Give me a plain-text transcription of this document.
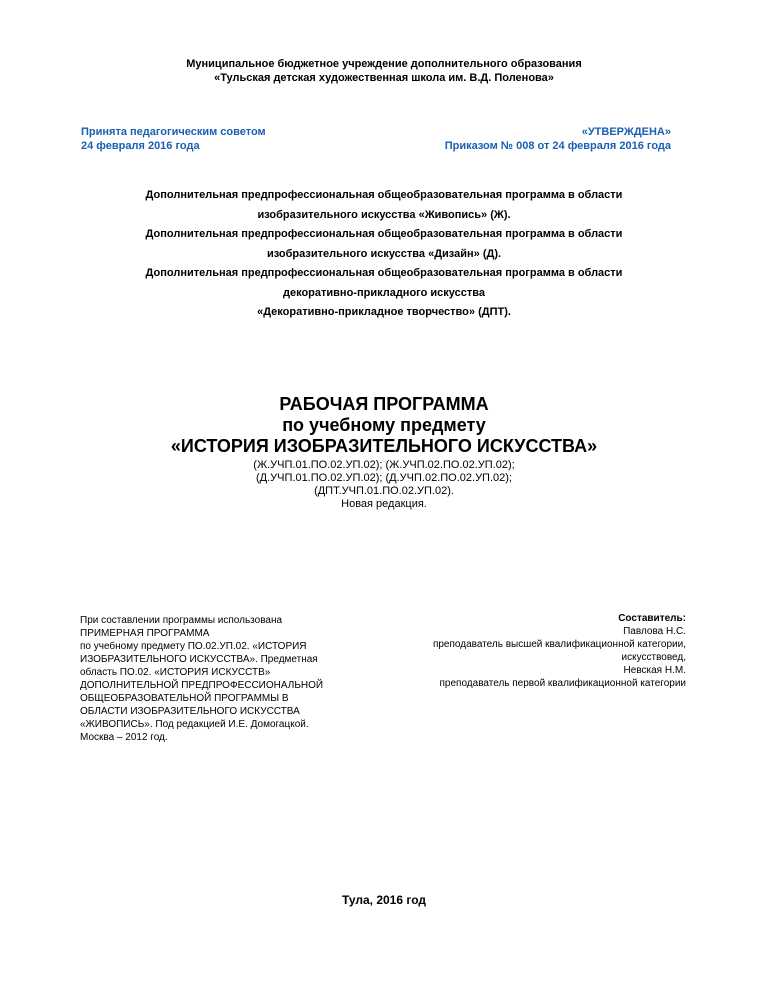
Муниципальное бюджетное учреждение дополнительного образования
«Тульская детская художественная школа им. В.Д. Поленова»
Принята педагогическим советом
24 февраля 2016 года
«УТВЕРЖДЕНА»
Приказом № 008 от 24 февраля 2016 года
Дополнительная предпрофессиональная общеобразовательная программа в области
изобразительного искусства «Живопись» (Ж).
Дополнительная предпрофессиональная общеобразовательная программа в области
изобразительного искусства «Дизайн» (Д).
Дополнительная предпрофессиональная общеобразовательная программа в области
декоративно-прикладного искусства
«Декоративно-прикладное творчество» (ДПТ).
РАБОЧАЯ ПРОГРАММА
по учебному предмету
«ИСТОРИЯ ИЗОБРАЗИТЕЛЬНОГО ИСКУССТВА»
(Ж.УЧП.01.ПО.02.УП.02); (Ж.УЧП.02.ПО.02.УП.02);
(Д.УЧП.01.ПО.02.УП.02); (Д.УЧП.02.ПО.02.УП.02);
(ДПТ.УЧП.01.ПО.02.УП.02).
Новая редакция.
При составлении программы использована
ПРИМЕРНАЯ ПРОГРАММА
по учебному предмету ПО.02.УП.02. «ИСТОРИЯ
ИЗОБРАЗИТЕЛЬНОГО ИСКУССТВА». Предметная
область ПО.02. «ИСТОРИЯ ИСКУССТВ»
ДОПОЛНИТЕЛЬНОЙ ПРЕДПРОФЕССИОНАЛЬНОЙ
ОБЩЕОБРАЗОВАТЕЛЬНОЙ ПРОГРАММЫ В
ОБЛАСТИ ИЗОБРАЗИТЕЛЬНОГО ИСКУССТВА
«ЖИВОПИСЬ». Под редакцией И.Е. Домогацкой.
Москва – 2012 год.
Составитель:
Павлова Н.С.
преподаватель высшей квалификационной категории,
искусствовед,
Невская Н.М.
преподаватель первой квалификационной категории
Тула, 2016 год
